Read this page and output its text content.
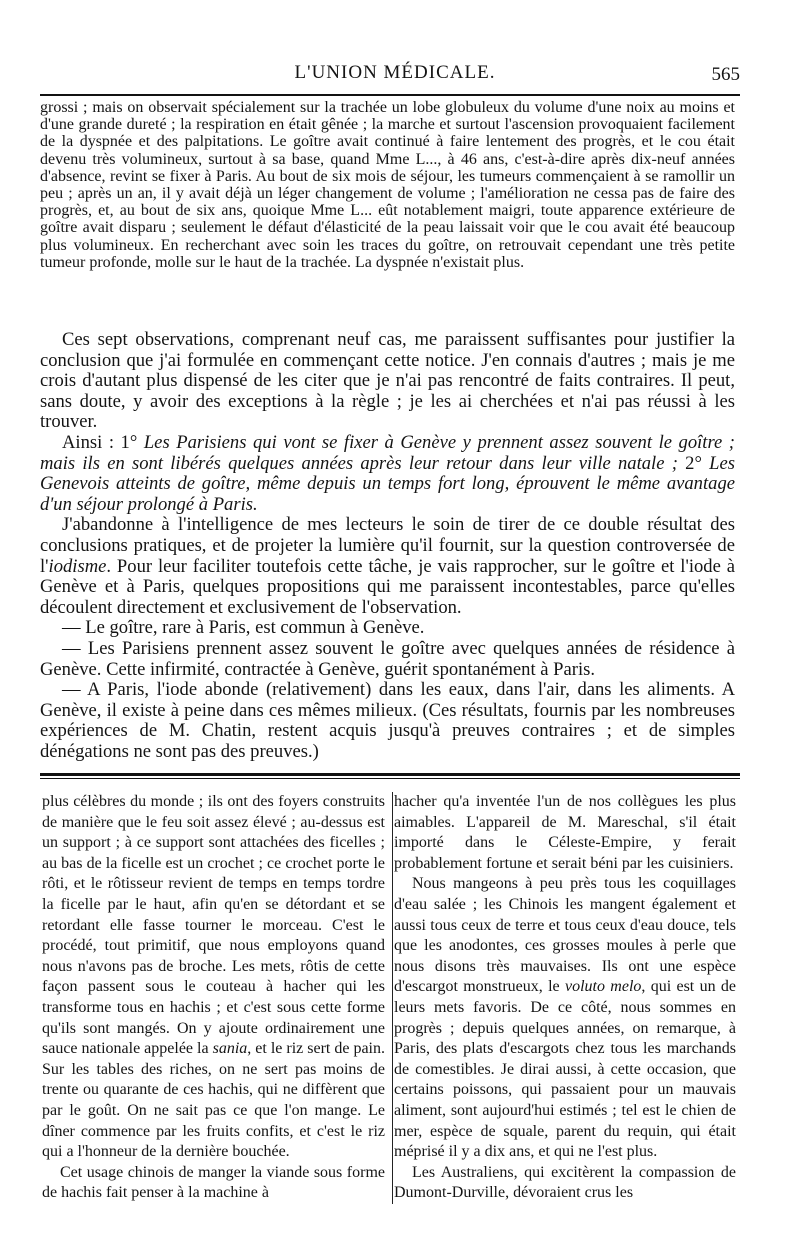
L'UNION MÉDICALE.	565

grossi ; mais on observait spécialement sur la trachée un lobe globuleux du volume d'une noix au moins et d'une grande dureté ; la respiration en était gênée ; la marche et surtout l'ascension provoquaient facilement de la dyspnée et des palpitations. Le goître avait continué à faire lentement des progrès, et le cou était devenu très volumineux, surtout à sa base, quand Mme L..., à 46 ans, c'est-à-dire après dix-neuf années d'absence, revint se fixer à Paris. Au bout de six mois de séjour, les tumeurs commençaient à se ramollir un peu ; après un an, il y avait déjà un léger changement de volume ; l'amélioration ne cessa pas de faire des progrès, et, au bout de six ans, quoique Mme L... eût notablement maigri, toute apparence extérieure de goître avait disparu ; seulement le défaut d'élasticité de la peau laissait voir que le cou avait été beaucoup plus volumineux. En recherchant avec soin les traces du goître, on retrouvait cependant une très petite tumeur profonde, molle sur le haut de la trachée. La dyspnée n'existait plus.

Ces sept observations, comprenant neuf cas, me paraissent suffisantes pour justifier la conclusion que j'ai formulée en commençant cette notice. J'en connais d'autres ; mais je me crois d'autant plus dispensé de les citer que je n'ai pas rencontré de faits contraires. Il peut, sans doute, y avoir des exceptions à la règle ; je les ai cherchées et n'ai pas réussi à les trouver.

Ainsi : 1° Les Parisiens qui vont se fixer à Genève y prennent assez souvent le goître ; mais ils en sont libérés quelques années après leur retour dans leur ville natale ; 2° Les Genevois atteints de goître, même depuis un temps fort long, éprouvent le même avantage d'un séjour prolongé à Paris.

J'abandonne à l'intelligence de mes lecteurs le soin de tirer de ce double résultat des conclusions pratiques, et de projeter la lumière qu'il fournit, sur la question controversée de l'iodisme. Pour leur faciliter toutefois cette tâche, je vais rapprocher, sur le goître et l'iode à Genève et à Paris, quelques propositions qui me paraissent incontestables, parce qu'elles découlent directement et exclusivement de l'observation.

— Le goître, rare à Paris, est commun à Genève.

— Les Parisiens prennent assez souvent le goître avec quelques années de résidence à Genève. Cette infirmité, contractée à Genève, guérit spontanément à Paris.

— A Paris, l'iode abonde (relativement) dans les eaux, dans l'air, dans les aliments. A Genève, il existe à peine dans ces mêmes milieux. (Ces résultats, fournis par les nombreuses expériences de M. Chatin, restent acquis jusqu'à preuves contraires ; et de simples dénégations ne sont pas des preuves.)

plus célèbres du monde ; ils ont des foyers construits de manière que le feu soit assez élevé ; au-dessus est un support ; à ce support sont attachées des ficelles ; au bas de la ficelle est un crochet ; ce crochet porte le rôti, et le rôtisseur revient de temps en temps tordre la ficelle par le haut, afin qu'en se détordant et se retordant elle fasse tourner le morceau. C'est le procédé, tout primitif, que nous employons quand nous n'avons pas de broche. Les mets, rôtis de cette façon passent sous le couteau à hacher qui les transforme tous en hachis ; et c'est sous cette forme qu'ils sont mangés. On y ajoute ordinairement une sauce nationale appelée la sania, et le riz sert de pain. Sur les tables des riches, on ne sert pas moins de trente ou quarante de ces hachis, qui ne diffèrent que par le goût. On ne sait pas ce que l'on mange. Le dîner commence par les fruits confits, et c'est le riz qui a l'honneur de la dernière bouchée.

Cet usage chinois de manger la viande sous forme de hachis fait penser à la machine à

hacher qu'a inventée l'un de nos collègues les plus aimables. L'appareil de M. Mareschal, s'il était importé dans le Céleste-Empire, y ferait probablement fortune et serait béni par les cuisiniers.

Nous mangeons à peu près tous les coquillages d'eau salée ; les Chinois les mangent également et aussi tous ceux de terre et tous ceux d'eau douce, tels que les anodontes, ces grosses moules à perle que nous disons très mauvaises. Ils ont une espèce d'escargot monstrueux, le voluto melo, qui est un de leurs mets favoris. De ce côté, nous sommes en progrès ; depuis quelques années, on remarque, à Paris, des plats d'escargots chez tous les marchands de comestibles. Je dirai aussi, à cette occasion, que certains poissons, qui passaient pour un mauvais aliment, sont aujourd'hui estimés ; tel est le chien de mer, espèce de squale, parent du requin, qui était méprisé il y a dix ans, et qui ne l'est plus.

Les Australiens, qui excitèrent la compassion de Dumont-Durville, dévoraient crus les
